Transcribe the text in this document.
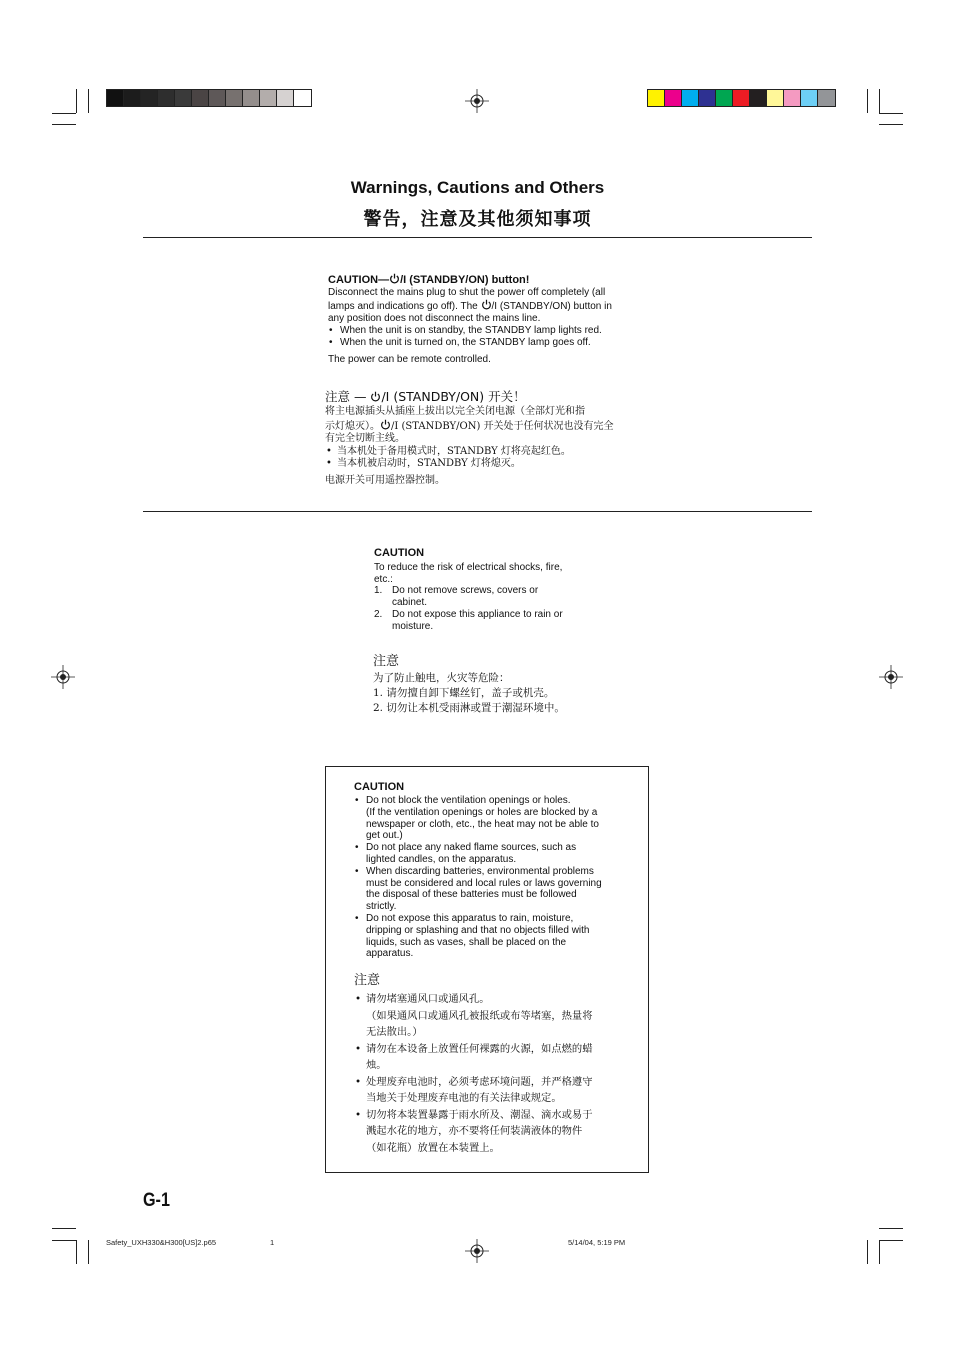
Warnings, Cautions and Others
警告，注意及其他须知事项

CAUTION— /I (STANDBY/ON) button!

Disconnect the mains plug to shut the power off completely (all

lamps and indications go off). The /I (STANDBY/ON) button in

any position does not disconnect the mains line.

• When the unit is on standby, the STANDBY lamp lights red.
• When the unit is turned on, the STANDBY lamp goes off.

The power can be remote controlled.

注意 — /I (STANDBY/ON) 开关！

将主电源插头从插座上拔出以完全关闭电源（全部灯光和指

示灯熄灭）。 /I (STANDBY/ON) 开关处于任何状况也没有完全

有完全切断主线。

• 当本机处于备用模式时，STANDBY 灯将亮起红色。
• 当本机被启动时，STANDBY 灯将熄灭。

电源开关可用遥控器控制。

CAUTION

To reduce the risk of electrical shocks, fire,

etc.:

1. Do not remove screws, covers or
cabinet.
2. Do not expose this appliance to rain or
moisture.

注意

为了防止触电，火灾等危险：

1. 请勿擅自卸下螺丝钉，盖子或机壳。

2. 切勿让本机受雨淋或置于潮湿环境中。

CAUTION

• Do not block the ventilation openings or holes.
(If the ventilation openings or holes are blocked by a
newspaper or cloth, etc., the heat may not be able to
get out.)
• Do not place any naked flame sources, such as
lighted candles, on the apparatus.
• When discarding batteries, environmental problems
must be considered and local rules or laws governing
the disposal of these batteries must be followed
strictly.
• Do not expose this apparatus to rain, moisture,
dripping or splashing and that no objects filled with
liquids, such as vases, shall be placed on the
apparatus.

注意

• 请勿堵塞通风口或通风孔。
（如果通风口或通风孔被报纸或布等堵塞，热量将
无法散出。）
• 请勿在本设备上放置任何裸露的火源，如点燃的蜡
烛。
• 处理废弃电池时，必须考虑环境问题，并严格遵守
当地关于处理废弃电池的有关法律或规定。
• 切勿将本装置暴露于雨水所及、潮湿、滴水或易于
溅起水花的地方，亦不要将任何装满液体的物件
（如花瓶）放置在本装置上。
G-1
Safety_UXH330&H300[US]2.p65	1	5/14/04, 5:19 PM
